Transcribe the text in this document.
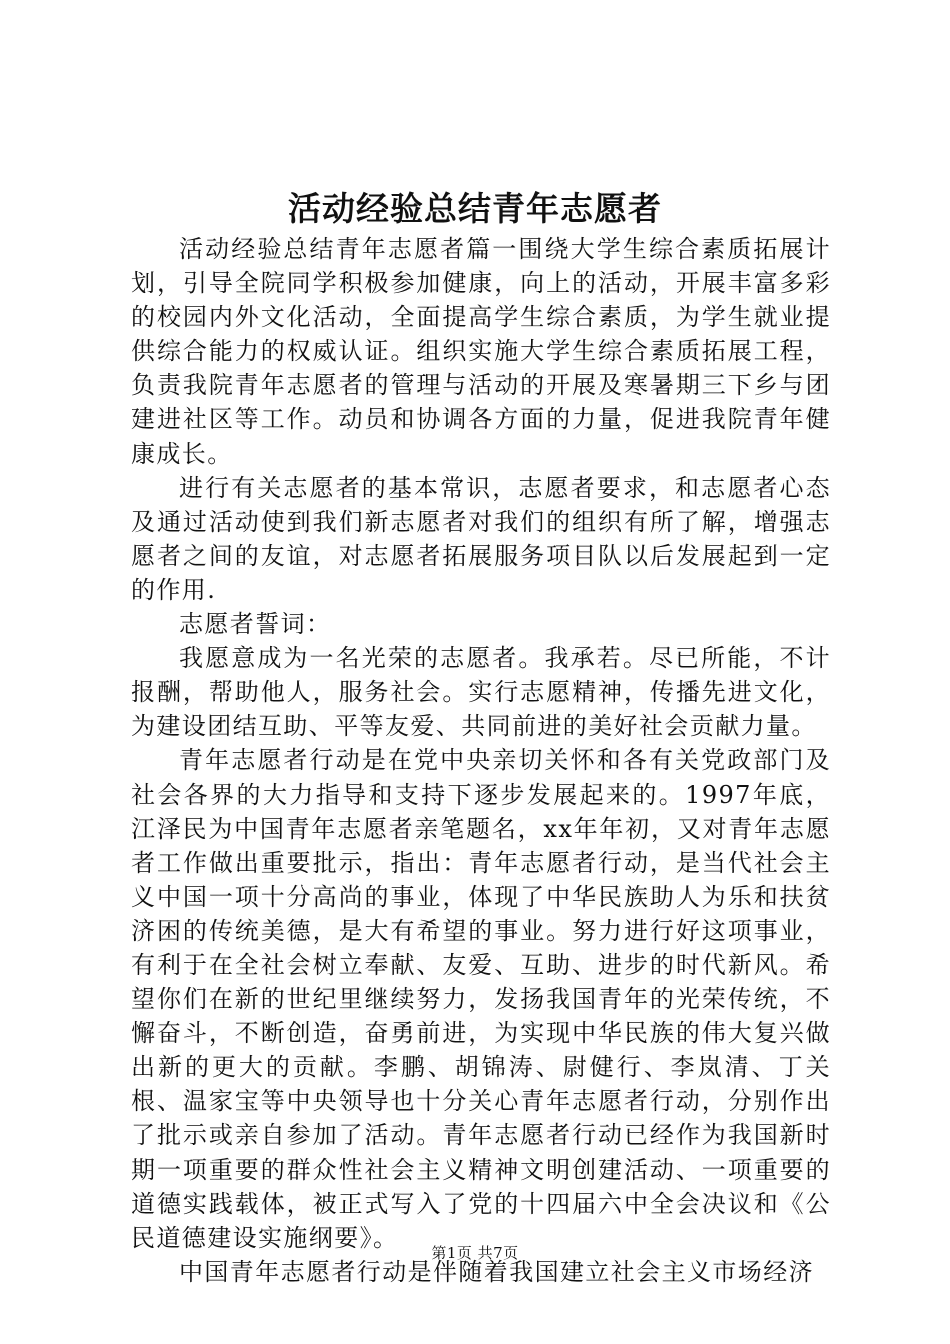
活动经验总结青年志愿者

活动经验总结青年志愿者篇一围绕大学生综合素质拓展计划，引导全院同学积极参加健康，向上的活动，开展丰富多彩的校园内外文化活动，全面提高学生综合素质，为学生就业提供综合能力的权威认证。组织实施大学生综合素质拓展工程，负责我院青年志愿者的管理与活动的开展及寒暑期三下乡与团建进社区等工作。动员和协调各方面的力量，促进我院青年健康成长。

进行有关志愿者的基本常识，志愿者要求，和志愿者心态及通过活动使到我们新志愿者对我们的组织有所了解，增强志愿者之间的友谊，对志愿者拓展服务项目队以后发展起到一定的作用.

志愿者誓词：

我愿意成为一名光荣的志愿者。我承若。尽已所能，不计报酬，帮助他人，服务社会。实行志愿精神，传播先进文化，为建设团结互助、平等友爱、共同前进的美好社会贡献力量。

青年志愿者行动是在党中央亲切关怀和各有关党政部门及社会各界的大力指导和支持下逐步发展起来的。1997年底，江泽民为中国青年志愿者亲笔题名，xx年年初，又对青年志愿者工作做出重要批示，指出：青年志愿者行动，是当代社会主义中国一项十分高尚的事业，体现了中华民族助人为乐和扶贫济困的传统美德，是大有希望的事业。努力进行好这项事业，有利于在全社会树立奉献、友爱、互助、进步的时代新风。希望你们在新的世纪里继续努力，发扬我国青年的光荣传统，不懈奋斗，不断创造，奋勇前进，为实现中华民族的伟大复兴做出新的更大的贡献。李鹏、胡锦涛、尉健行、李岚清、丁关根、温家宝等中央领导也十分关心青年志愿者行动，分别作出了批示或亲自参加了活动。青年志愿者行动已经作为我国新时期一项重要的群众性社会主义精神文明创建活动、一项重要的道德实践载体，被正式写入了党的十四届六中全会决议和《公民道德建设实施纲要》。

中国青年志愿者行动是伴随着我国建立社会主义市场经济

第1页 共7页
